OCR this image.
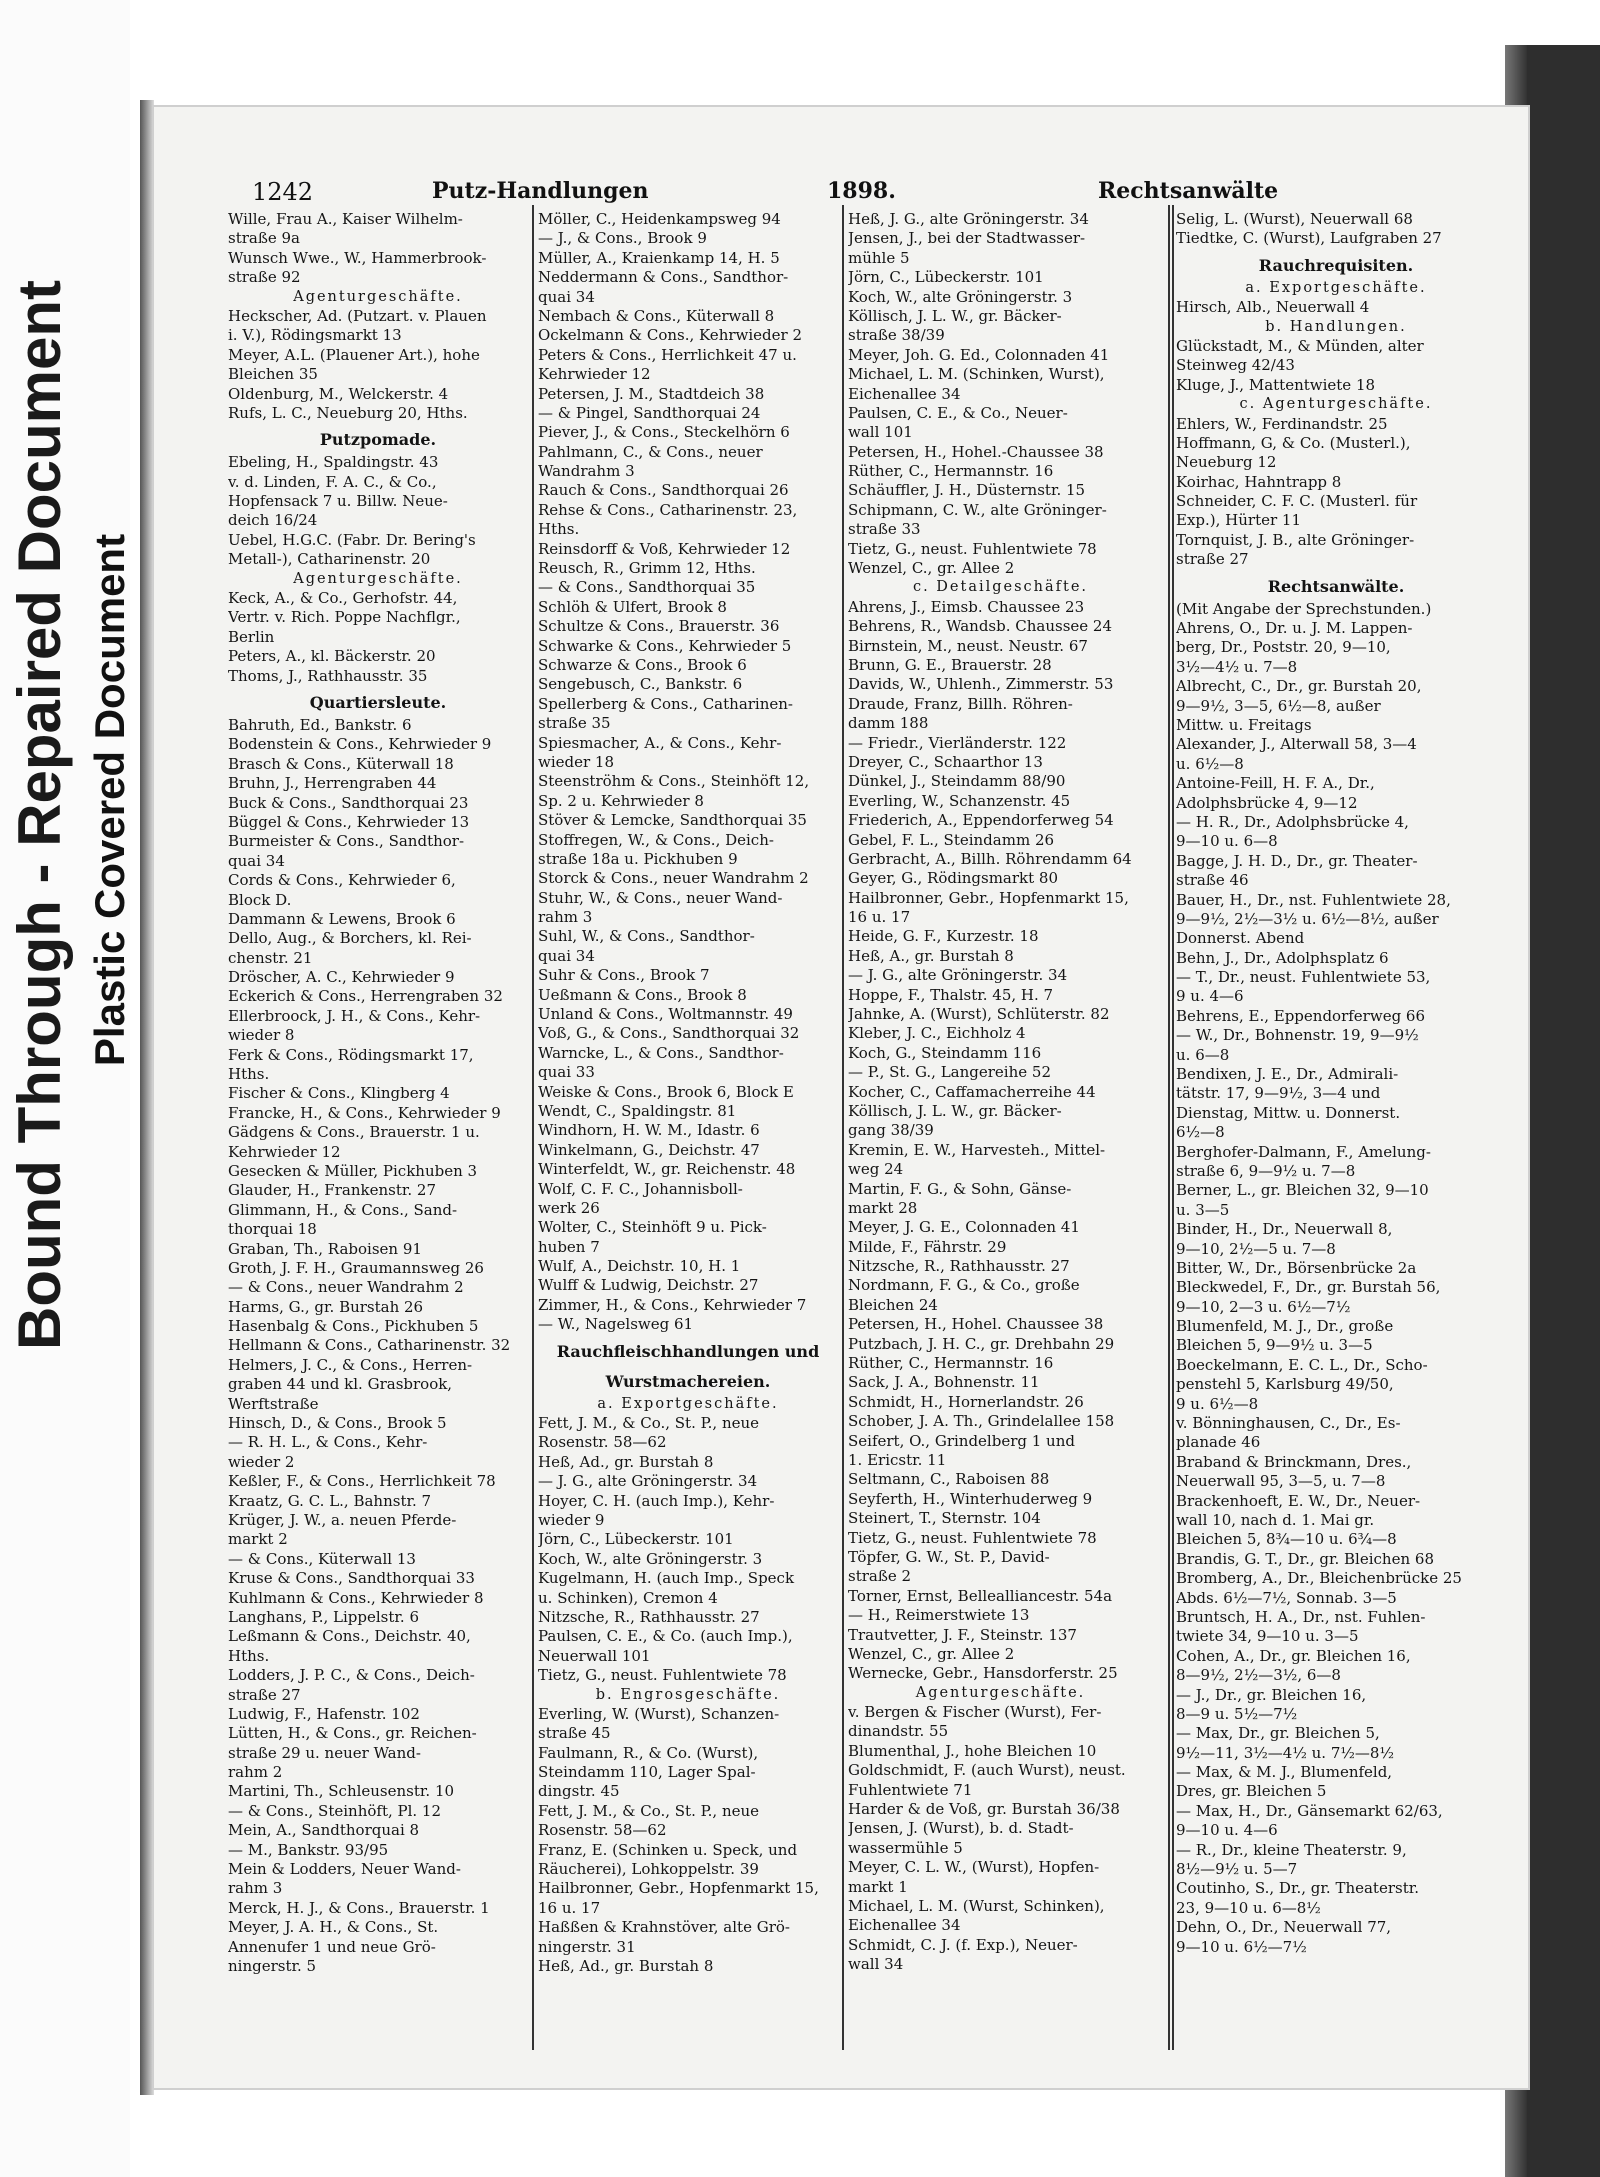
Bound Through - Repaired Document Plastic Covered Document
1242	Putz-Handlungen	1898.	Rechtsanwälte
Wille, Frau A., Kaiser Wilhelm-
straße 9a
Wunsch Wwe., W., Hammerbrook-
straße 92
Agenturgeschäfte.
Heckscher, Ad. (Putzart. v. Plauen
i. V.), Rödingsmarkt 13
Meyer, A.L. (Plauener Art.), hohe
Bleichen 35
Oldenburg, M., Welckerstr. 4
Rufs, L. C., Neueburg 20, Hths.
Putzpomade.
Ebeling, H., Spaldingstr. 43
v. d. Linden, F. A. C., & Co.,
Hopfensack 7 u. Billw. Neue-
deich 16/24
Uebel, H.G.C. (Fabr. Dr. Bering's
Metall-), Catharinenstr. 20
Agenturgeschäfte.
Keck, A., & Co., Gerhofstr. 44,
Vertr. v. Rich. Poppe Nachflgr.,
Berlin
Peters, A., kl. Bäckerstr. 20
Thoms, J., Rathhausstr. 35
Quartiersleute.
Bahruth, Ed., Bankstr. 6
Bodenstein & Cons., Kehrwieder 9
Brasch & Cons., Küterwall 18
Bruhn, J., Herrengraben 44
Buck & Cons., Sandthorquai 23
Büggel & Cons., Kehrwieder 13
Burmeister & Cons., Sandthor-
quai 34
Cords & Cons., Kehrwieder 6,
Block D.
Dammann & Lewens, Brook 6
Dello, Aug., & Borchers, kl. Rei-
chenstr. 21
Dröscher, A. C., Kehrwieder 9
Eckerich & Cons., Herrengraben 32
Ellerbroock, J. H., & Cons., Kehr-
wieder 8
Ferk & Cons., Rödingsmarkt 17,
Hths.
Fischer & Cons., Klingberg 4
Francke, H., & Cons., Kehrwieder 9
Gädgens & Cons., Brauerstr. 1 u.
Kehrwieder 12
Gesecken & Müller, Pickhuben 3
Glauder, H., Frankenstr. 27
Glimmann, H., & Cons., Sand-
thorquai 18
Graban, Th., Raboisen 91
Groth, J. F. H., Graumannsweg 26
— & Cons., neuer Wandrahm 2
Harms, G., gr. Burstah 26
Hasenbalg & Cons., Pickhuben 5
Hellmann & Cons., Catharinenstr. 32
Helmers, J. C., & Cons., Herren-
graben 44 und kl. Grasbrook,
Werftstraße
Hinsch, D., & Cons., Brook 5
— R. H. L., & Cons., Kehr-
wieder 2
Keßler, F., & Cons., Herrlichkeit 78
Kraatz, G. C. L., Bahnstr. 7
Krüger, J. W., a. neuen Pferde-
markt 2
— & Cons., Küterwall 13
Kruse & Cons., Sandthorquai 33
Kuhlmann & Cons., Kehrwieder 8
Langhans, P., Lippelstr. 6
Leßmann & Cons., Deichstr. 40,
Hths.
Lodders, J. P. C., & Cons., Deich-
straße 27
Ludwig, F., Hafenstr. 102
Lütten, H., & Cons., gr. Reichen-
straße 29 u. neuer Wand-
rahm 2
Martini, Th., Schleusenstr. 10
— & Cons., Steinhöft, Pl. 12
Mein, A., Sandthorquai 8
— M., Bankstr. 93/95
Mein & Lodders, Neuer Wand-
rahm 3
Merck, H. J., & Cons., Brauerstr. 1
Meyer, J. A. H., & Cons., St.
Annenufer 1 und neue Grö-
ningerstr. 5
Möller, C., Heidenkampsweg 94
— J., & Cons., Brook 9
Müller, A., Kraienkamp 14, H. 5
Neddermann & Cons., Sandthor-
quai 34
Nembach & Cons., Küterwall 8
Ockelmann & Cons., Kehrwieder 2
Peters & Cons., Herrlichkeit 47 u.
Kehrwieder 12
Petersen, J. M., Stadtdeich 38
— & Pingel, Sandthorquai 24
Piever, J., & Cons., Steckelhörn 6
Pahlmann, C., & Cons., neuer
Wandrahm 3
Rauch & Cons., Sandthorquai 26
Rehse & Cons., Catharinenstr. 23,
Hths.
Reinsdorff & Voß, Kehrwieder 12
Reusch, R., Grimm 12, Hths.
— & Cons., Sandthorquai 35
Schlöh & Ulfert, Brook 8
Schultze & Cons., Brauerstr. 36
Schwarke & Cons., Kehrwieder 5
Schwarze & Cons., Brook 6
Sengebusch, C., Bankstr. 6
Spellerberg & Cons., Catharinen-
straße 35
Spiesmacher, A., & Cons., Kehr-
wieder 18
Steenströhm & Cons., Steinhöft 12,
Sp. 2 u. Kehrwieder 8
Stöver & Lemcke, Sandthorquai 35
Stoffregen, W., & Cons., Deich-
straße 18a u. Pickhuben 9
Storck & Cons., neuer Wandrahm 2
Stuhr, W., & Cons., neuer Wand-
rahm 3
Suhl, W., & Cons., Sandthor-
quai 34
Suhr & Cons., Brook 7
Ueßmann & Cons., Brook 8
Unland & Cons., Woltmannstr. 49
Voß, G., & Cons., Sandthorquai 32
Warncke, L., & Cons., Sandthor-
quai 33
Weiske & Cons., Brook 6, Block E
Wendt, C., Spaldingstr. 81
Windhorn, H. W. M., Idastr. 6
Winkelmann, G., Deichstr. 47
Winterfeldt, W., gr. Reichenstr. 48
Wolf, C. F. C., Johannisboll-
werk 26
Wolter, C., Steinhöft 9 u. Pick-
huben 7
Wulf, A., Deichstr. 10, H. 1
Wulff & Ludwig, Deichstr. 27
Zimmer, H., & Cons., Kehrwieder 7
— W., Nagelsweg 61
Rauchfleischhandlungen und
Wurstmachereien.
a. Exportgeschäfte.
Fett, J. M., & Co., St. P., neue
Rosenstr. 58—62
Heß, Ad., gr. Burstah 8
— J. G., alte Gröningerstr. 34
Hoyer, C. H. (auch Imp.), Kehr-
wieder 9
Jörn, C., Lübeckerstr. 101
Koch, W., alte Gröningerstr. 3
Kugelmann, H. (auch Imp., Speck
u. Schinken), Cremon 4
Nitzsche, R., Rathhausstr. 27
Paulsen, C. E., & Co. (auch Imp.),
Neuerwall 101
Tietz, G., neust. Fuhlentwiete 78
b. Engrosgeschäfte.
Everling, W. (Wurst), Schanzen-
straße 45
Faulmann, R., & Co. (Wurst),
Steindamm 110, Lager Spal-
dingstr. 45
Fett, J. M., & Co., St. P., neue
Rosenstr. 58—62
Franz, E. (Schinken u. Speck, und
Räucherei), Lohkoppelstr. 39
Hailbronner, Gebr., Hopfenmarkt 15,
16 u. 17
Haßßen & Krahnstöver, alte Grö-
ningerstr. 31
Heß, Ad., gr. Burstah 8
Heß, J. G., alte Gröningerstr. 34
Jensen, J., bei der Stadtwasser-
mühle 5
Jörn, C., Lübeckerstr. 101
Koch, W., alte Gröningerstr. 3
Köllisch, J. L. W., gr. Bäcker-
straße 38/39
Meyer, Joh. G. Ed., Colonnaden 41
Michael, L. M. (Schinken, Wurst),
Eichenallee 34
Paulsen, C. E., & Co., Neuer-
wall 101
Petersen, H., Hohel.-Chaussee 38
Rüther, C., Hermannstr. 16
Schäuffler, J. H., Düsternstr. 15
Schipmann, C. W., alte Gröninger-
straße 33
Tietz, G., neust. Fuhlentwiete 78
Wenzel, C., gr. Allee 2
c. Detailgeschäfte.
Ahrens, J., Eimsb. Chaussee 23
Behrens, R., Wandsb. Chaussee 24
Birnstein, M., neust. Neustr. 67
Brunn, G. E., Brauerstr. 28
Davids, W., Uhlenh., Zimmerstr. 53
Draude, Franz, Billh. Röhren-
damm 188
— Friedr., Vierländerstr. 122
Dreyer, C., Schaarthor 13
Dünkel, J., Steindamm 88/90
Everling, W., Schanzenstr. 45
Friederich, A., Eppendorferweg 54
Gebel, F. L., Steindamm 26
Gerbracht, A., Billh. Röhrendamm 64
Geyer, G., Rödingsmarkt 80
Hailbronner, Gebr., Hopfenmarkt 15,
16 u. 17
Heide, G. F., Kurzestr. 18
Heß, A., gr. Burstah 8
— J. G., alte Gröningerstr. 34
Hoppe, F., Thalstr. 45, H. 7
Jahnke, A. (Wurst), Schlüterstr. 82
Kleber, J. C., Eichholz 4
Koch, G., Steindamm 116
— P., St. G., Langereihe 52
Kocher, C., Caffamacherreihe 44
Köllisch, J. L. W., gr. Bäcker-
gang 38/39
Kremin, E. W., Harvesteh., Mittel-
weg 24
Martin, F. G., & Sohn, Gänse-
markt 28
Meyer, J. G. E., Colonnaden 41
Milde, F., Fährstr. 29
Nitzsche, R., Rathhausstr. 27
Nordmann, F. G., & Co., große
Bleichen 24
Petersen, H., Hohel. Chaussee 38
Putzbach, J. H. C., gr. Drehbahn 29
Rüther, C., Hermannstr. 16
Sack, J. A., Bohnenstr. 11
Schmidt, H., Hornerlandstr. 26
Schober, J. A. Th., Grindelallee 158
Seifert, O., Grindelberg 1 und
1. Ericstr. 11
Seltmann, C., Raboisen 88
Seyferth, H., Winterhuderweg 9
Steinert, T., Sternstr. 104
Tietz, G., neust. Fuhlentwiete 78
Töpfer, G. W., St. P., David-
straße 2
Torner, Ernst, Bellealliancestr. 54a
— H., Reimerstwiete 13
Trautvetter, J. F., Steinstr. 137
Wenzel, C., gr. Allee 2
Wernecke, Gebr., Hansdorferstr. 25
Agenturgeschäfte.
v. Bergen & Fischer (Wurst), Fer-
dinandstr. 55
Blumenthal, J., hohe Bleichen 10
Goldschmidt, F. (auch Wurst), neust.
Fuhlentwiete 71
Harder & de Voß, gr. Burstah 36/38
Jensen, J. (Wurst), b. d. Stadt-
wassermühle 5
Meyer, C. L. W., (Wurst), Hopfen-
markt 1
Michael, L. M. (Wurst, Schinken),
Eichenallee 34
Schmidt, C. J. (f. Exp.), Neuer-
wall 34
Selig, L. (Wurst), Neuerwall 68
Tiedtke, C. (Wurst), Laufgraben 27
Rauchrequisiten.
a. Exportgeschäfte.
Hirsch, Alb., Neuerwall 4
b. Handlungen.
Glückstadt, M., & Münden, alter
Steinweg 42/43
Kluge, J., Mattentwiete 18
c. Agenturgeschäfte.
Ehlers, W., Ferdinandstr. 25
Hoffmann, G, & Co. (Musterl.),
Neueburg 12
Koirhac, Hahntrapp 8
Schneider, C. F. C. (Musterl. für
Exp.), Hürter 11
Tornquist, J. B., alte Gröninger-
straße 27
Rechtsanwälte.
(Mit Angabe der Sprechstunden.)
Ahrens, O., Dr. u. J. M. Lappen-
berg, Dr., Poststr. 20, 9—10,
3½—4½ u. 7—8
Albrecht, C., Dr., gr. Burstah 20,
9—9½, 3—5, 6½—8, außer
Mittw. u. Freitags
Alexander, J., Alterwall 58, 3—4
u. 6½—8
Antoine-Feill, H. F. A., Dr.,
Adolphsbrücke 4, 9—12
— H. R., Dr., Adolphsbrücke 4,
9—10 u. 6—8
Bagge, J. H. D., Dr., gr. Theater-
straße 46
Bauer, H., Dr., nst. Fuhlentwiete 28,
9—9½, 2½—3½ u. 6½—8½, außer
Donnerst. Abend
Behn, J., Dr., Adolphsplatz 6
— T., Dr., neust. Fuhlentwiete 53,
9 u. 4—6
Behrens, E., Eppendorferweg 66
— W., Dr., Bohnenstr. 19, 9—9½
u. 6—8
Bendixen, J. E., Dr., Admirali-
tätstr. 17, 9—9½, 3—4 und
Dienstag, Mittw. u. Donnerst.
6½—8
Berghofer-Dalmann, F., Amelung-
straße 6, 9—9½ u. 7—8
Berner, L., gr. Bleichen 32, 9—10
u. 3—5
Binder, H., Dr., Neuerwall 8,
9—10, 2½—5 u. 7—8
Bitter, W., Dr., Börsenbrücke 2a
Bleckwedel, F., Dr., gr. Burstah 56,
9—10, 2—3 u. 6½—7½
Blumenfeld, M. J., Dr., große
Bleichen 5, 9—9½ u. 3—5
Boeckelmann, E. C. L., Dr., Scho-
penstehl 5, Karlsburg 49/50,
9 u. 6½—8
v. Bönninghausen, C., Dr., Es-
planade 46
Braband & Brinckmann, Dres.,
Neuerwall 95, 3—5, u. 7—8
Brackenhoeft, E. W., Dr., Neuer-
wall 10, nach d. 1. Mai gr.
Bleichen 5, 8¾—10 u. 6¾—8
Brandis, G. T., Dr., gr. Bleichen 68
Bromberg, A., Dr., Bleichenbrücke 25
Abds. 6½—7½, Sonnab. 3—5
Bruntsch, H. A., Dr., nst. Fuhlen-
twiete 34, 9—10 u. 3—5
Cohen, A., Dr., gr. Bleichen 16,
8—9½, 2½—3½, 6—8
— J., Dr., gr. Bleichen 16,
8—9 u. 5½—7½
— Max, Dr., gr. Bleichen 5,
9½—11, 3½—4½ u. 7½—8½
— Max, & M. J., Blumenfeld,
Dres, gr. Bleichen 5
— Max, H., Dr., Gänsemarkt 62/63,
9—10 u. 4—6
— R., Dr., kleine Theaterstr. 9,
8½—9½ u. 5—7
Coutinho, S., Dr., gr. Theaterstr.
23, 9—10 u. 6—8½
Dehn, O., Dr., Neuerwall 77,
9—10 u. 6½—7½
